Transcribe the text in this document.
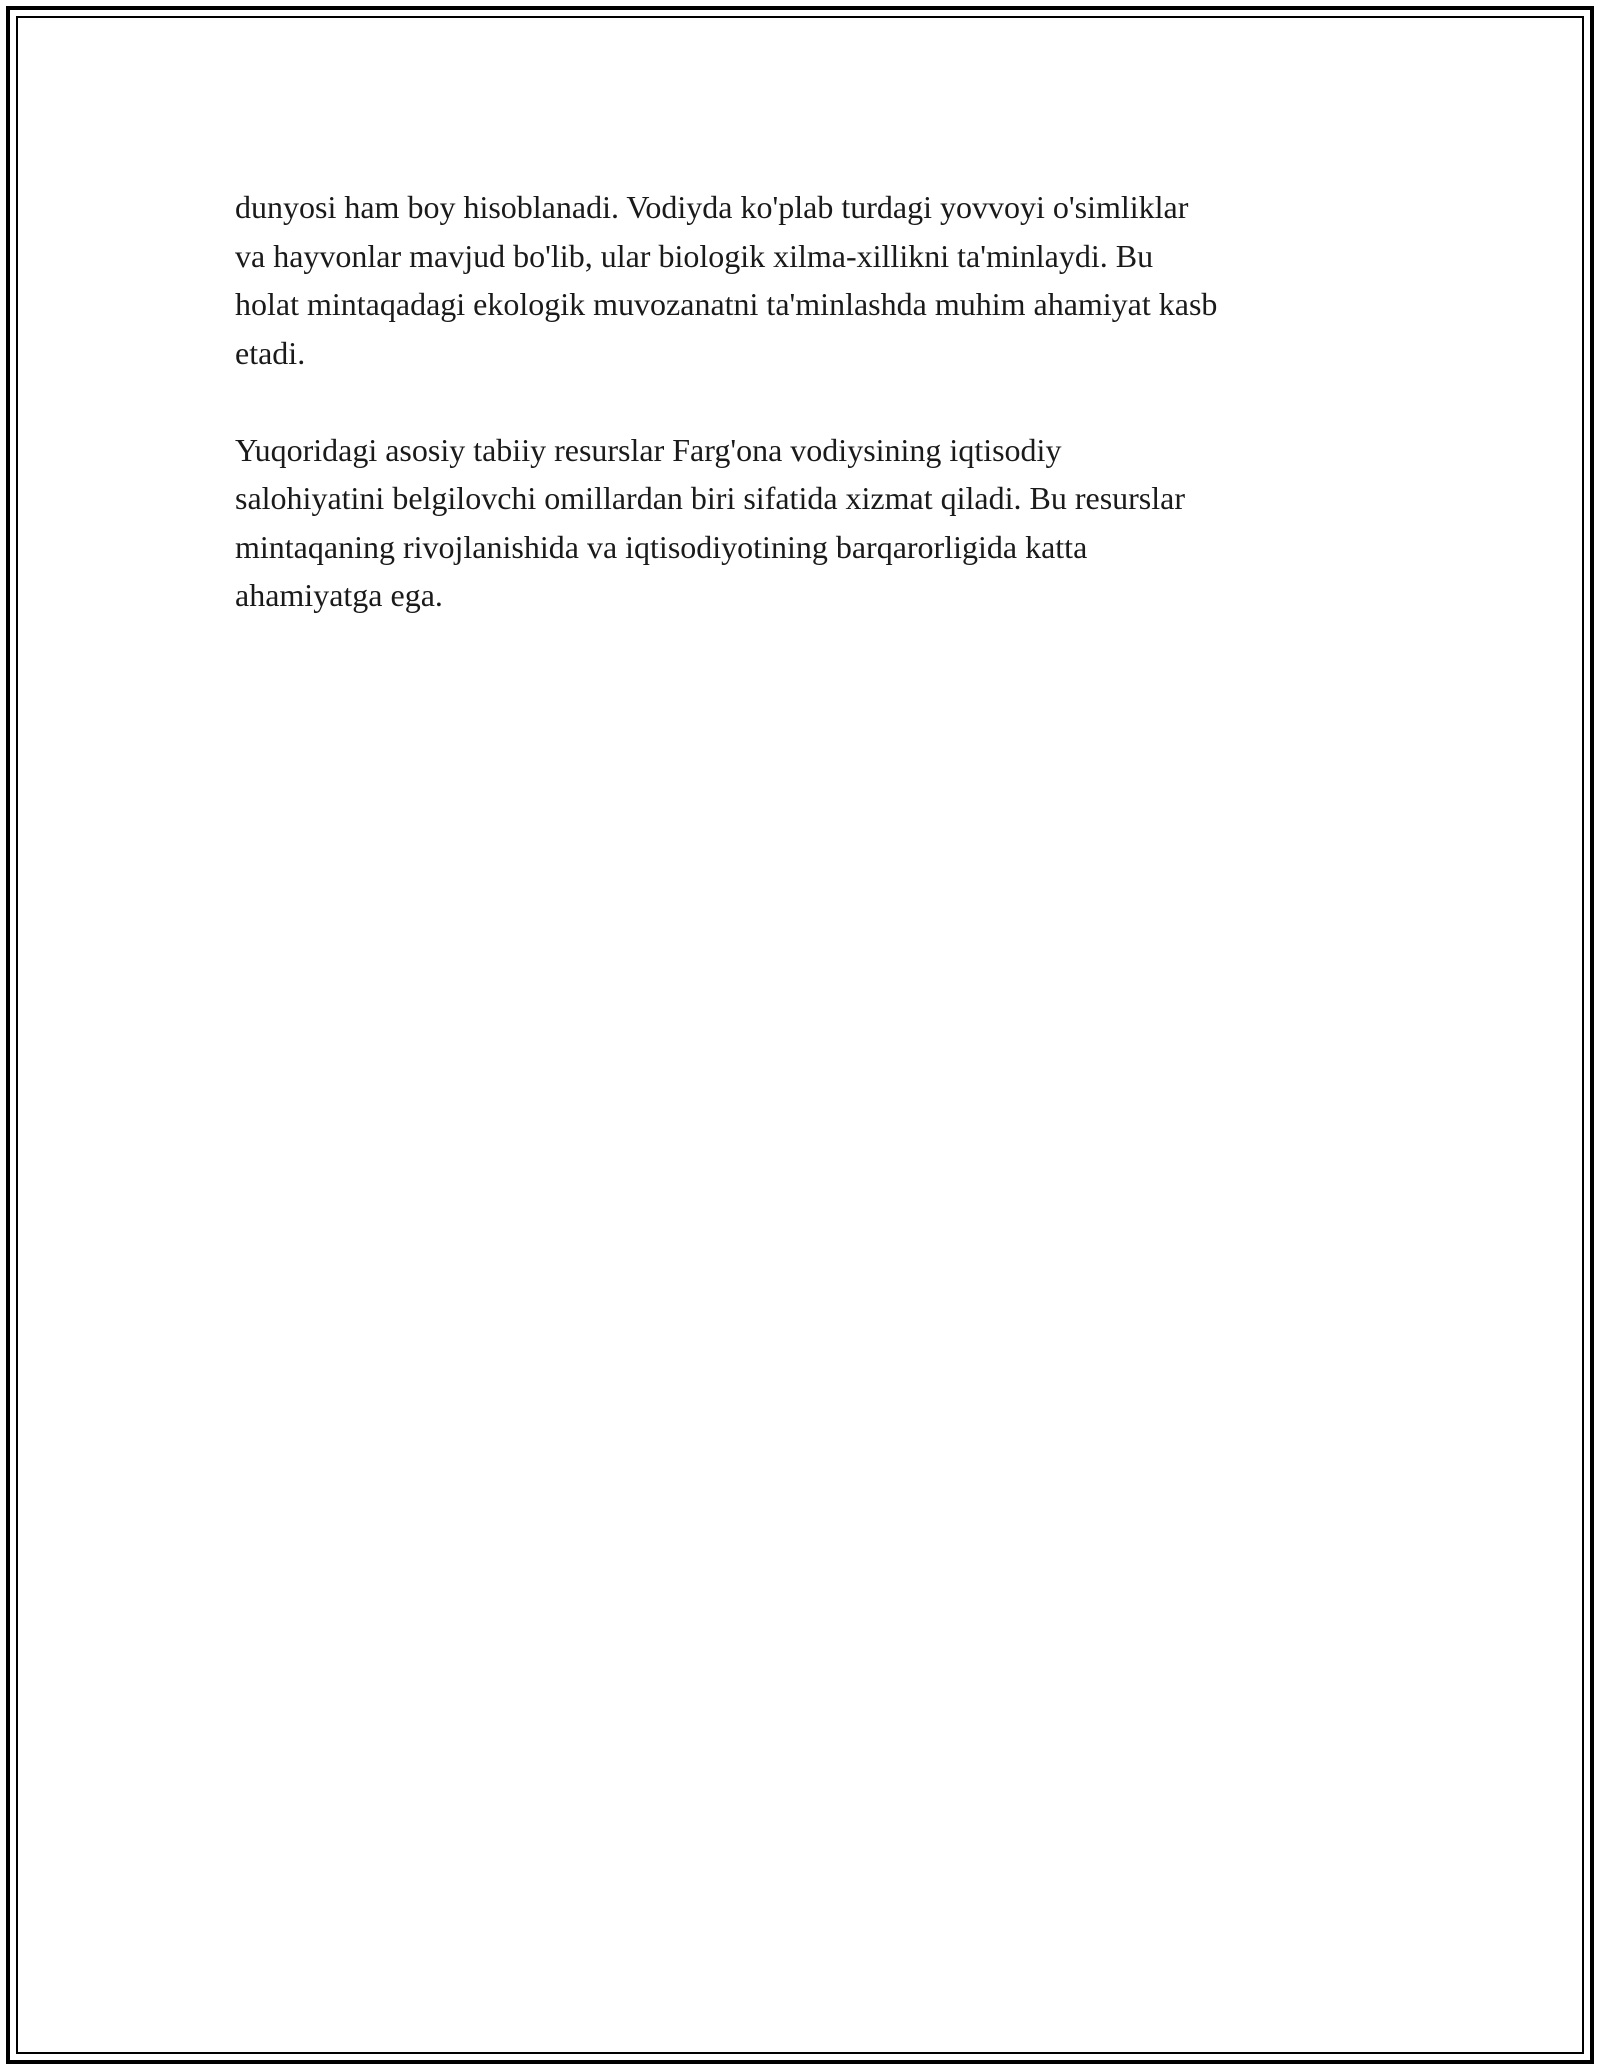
dunyosi ham boy hisoblanadi. Vodiyda ko'plab turdagi yovvoyi o'simliklar
va hayvonlar mavjud bo'lib, ular biologik xilma-xillikni ta'minlaydi. Bu
holat mintaqadagi ekologik muvozanatni ta'minlashda muhim ahamiyat kasb
etadi.

Yuqoridagi asosiy tabiiy resurslar Farg'ona vodiysining iqtisodiy
salohiyatini belgilovchi omillardan biri sifatida xizmat qiladi. Bu resurslar
mintaqaning rivojlanishida va iqtisodiyotining barqarorligida katta
ahamiyatga ega.
